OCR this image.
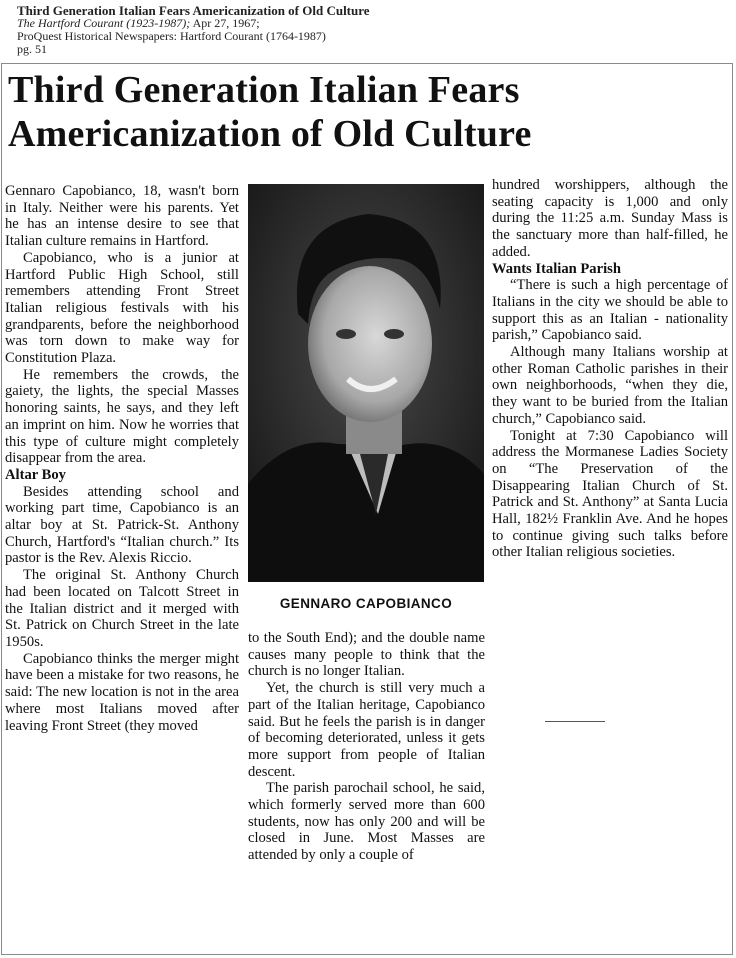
Third Generation Italian Fears Americanization of Old Culture
The Hartford Courant (1923-1987); Apr 27, 1967;
ProQuest Historical Newspapers: Hartford Courant (1764-1987)
pg. 51
Third Generation Italian Fears
Americanization of Old Culture

Gennaro Capobianco, 18, wasn't born in Italy. Neither were his parents. Yet he has an intense desire to see that Italian culture remains in Hartford.

Capobianco, who is a junior at Hartford Public High School, still remembers attending Front Street Italian religious festivals with his grandparents, before the neighborhood was torn down to make way for Constitution Plaza.

He remembers the crowds, the gaiety, the lights, the special Masses honoring saints, he says, and they left an imprint on him. Now he worries that this type of culture might completely disappear from the area.

Altar Boy

Besides attending school and working part time, Capobianco is an altar boy at St. Patrick-St. Anthony Church, Hartford's “Italian church.” Its pastor is the Rev. Alexis Riccio.

The original St. Anthony Church had been located on Talcott Street in the Italian district and it merged with St. Patrick on Church Street in the late 1950s.

Capobianco thinks the merger might have been a mistake for two reasons, he said: The new location is not in the area where most Italians moved after leaving Front Street (they moved

GENNARO CAPOBIANCO

to the South End); and the double name causes many people to think that the church is no longer Italian.

Yet, the church is still very much a part of the Italian heritage, Capobianco said. But he feels the parish is in danger of becoming deteriorated, unless it gets more support from people of Italian descent.

The parish parochail school, he said, which formerly served more than 600 students, now has only 200 and will be closed in June. Most Masses are attended by only a couple of

hundred worshippers, although the seating capacity is 1,000 and only during the 11:25 a.m. Sunday Mass is the sanctuary more than half-filled, he added.

Wants Italian Parish

“There is such a high percentage of Italians in the city we should be able to support this as an Italian - nationality parish,” Capobianco said.

Although many Italians worship at other Roman Catholic parishes in their own neighborhoods, “when they die, they want to be buried from the Italian church,” Capobianco said.

Tonight at 7:30 Capobianco will address the Mormanese Ladies Society on “The Preservation of the Disappearing Italian Church of St. Patrick and St. Anthony” at Santa Lucia Hall, 182½ Franklin Ave. And he hopes to continue giving such talks before other Italian religious societies.
